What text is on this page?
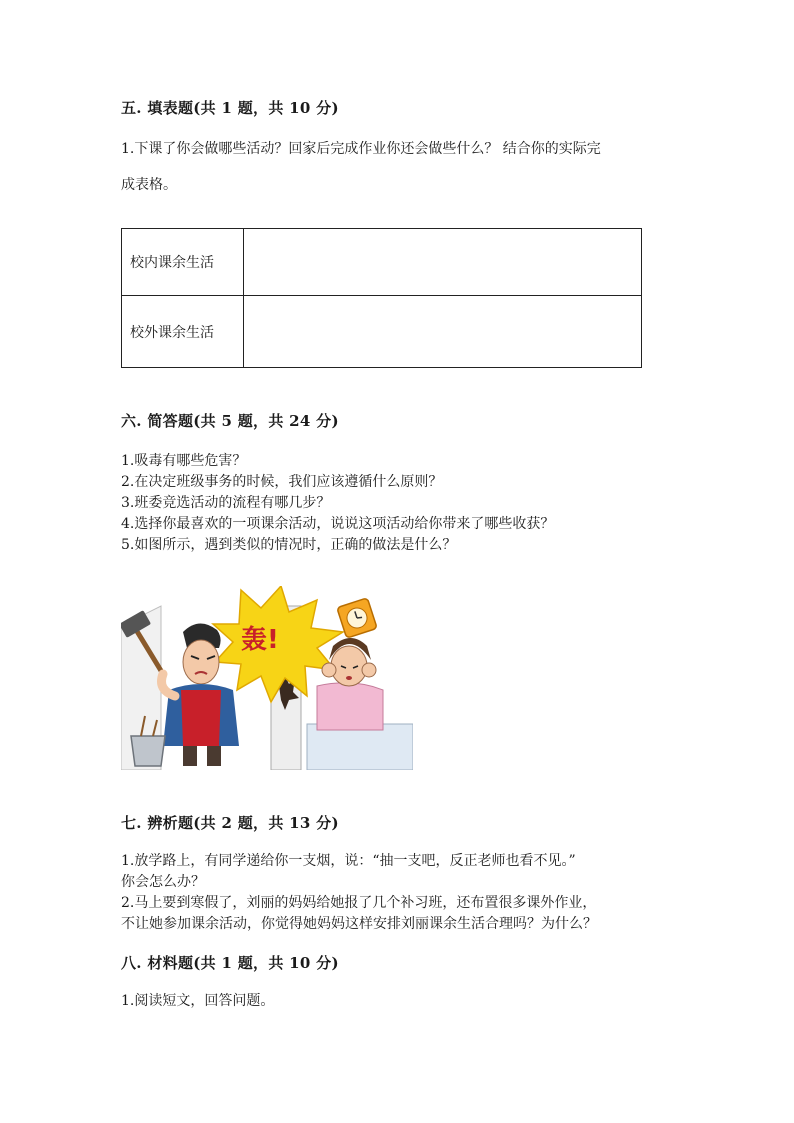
五. 填表题(共 1 题，共 10 分)
1.下课了你会做哪些活动？回家后完成作业你还会做些什么？ 结合你的实际完
成表格。
校内课余生活	
校外课余生活	
六. 简答题(共 5 题，共 24 分)
1.吸毒有哪些危害？
2.在决定班级事务的时候，我们应该遵循什么原则？
3.班委竞选活动的流程有哪几步？
4.选择你最喜欢的一项课余活动，说说这项活动给你带来了哪些收获？
5.如图所示，遇到类似的情况时，正确的做法是什么？
轰!
七. 辨析题(共 2 题，共 13 分)
1.放学路上，有同学递给你一支烟，说：“抽一支吧，反正老师也看不见。”
你会怎么办？
2.马上要到寒假了，刘丽的妈妈给她报了几个补习班，还布置很多课外作业，
不让她参加课余活动，你觉得她妈妈这样安排刘丽课余生活合理吗？为什么？
八. 材料题(共 1 题，共 10 分)
1.阅读短文，回答问题。
